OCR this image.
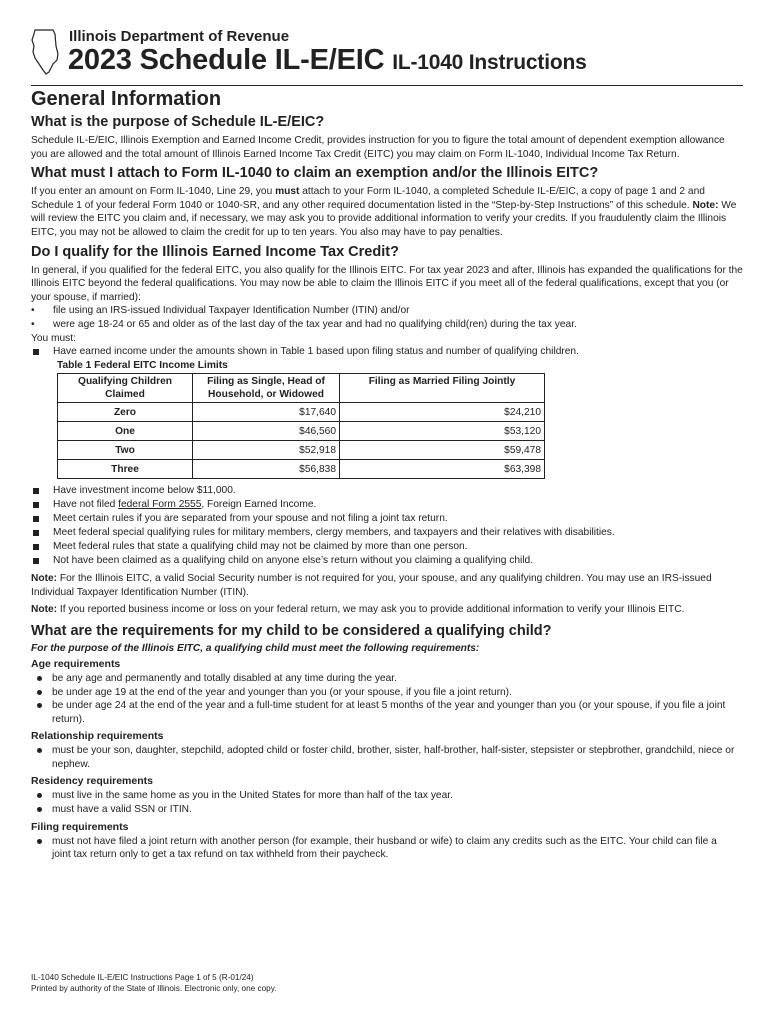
Illinois Department of Revenue
2023 Schedule IL-E/EIC IL-1040 Instructions
General Information
What is the purpose of Schedule IL-E/EIC?

Schedule IL-E/EIC, Illinois Exemption and Earned Income Credit, provides instruction for you to figure the total amount of dependent exemption allowance you are allowed and the total amount of Illinois Earned Income Tax Credit (EITC) you may claim on Form IL-1040, Individual Income Tax Return.

What must I attach to Form IL-1040 to claim an exemption and/or the Illinois EITC?

If you enter an amount on Form IL-1040, Line 29, you must attach to your Form IL-1040, a completed Schedule IL-E/EIC, a copy of page 1 and 2 and Schedule 1 of your federal Form 1040 or 1040-SR, and any other required documentation listed in the “Step-by-Step Instructions” of this schedule. Note: We will review the EITC you claim and, if necessary, we may ask you to provide additional information to verify your credits. If you fraudulently claim the Illinois EITC, you may not be allowed to claim the credit for up to ten years. You also may have to pay penalties.

Do I qualify for the Illinois Earned Income Tax Credit?

In general, if you qualified for the federal EITC, you also qualify for the Illinois EITC. For tax year 2023 and after, Illinois has expanded the qualifications for the Illinois EITC beyond the federal qualifications. You may now be able to claim the Illinois EITC if you meet all of the federal qualifications, except that you (or your spouse, if married):

• file using an IRS-issued Individual Taxpayer Identification Number (ITIN) and/or
• were age 18-24 or 65 and older as of the last day of the tax year and had no qualifying child(ren) during the tax year.

You must:

Have earned income under the amounts shown in Table 1 based upon filing status and number of qualifying children.
Table 1 Federal EITC Income Limits
Qualifying Children Claimed	Filing as Single, Head of Household, or Widowed	Filing as Married Filing Jointly
Zero	$17,640	$24,210
One	$46,560	$53,120
Two	$52,918	$59,478
Three	$56,838	$63,398
Have investment income below $11,000.
Have not filed federal Form 2555, Foreign Earned Income.
Meet certain rules if you are separated from your spouse and not filing a joint tax return.
Meet federal special qualifying rules for military members, clergy members, and taxpayers and their relatives with disabilities.
Meet federal rules that state a qualifying child may not be claimed by more than one person.
Not have been claimed as a qualifying child on anyone else’s return without you claiming a qualifying child.

Note: For the Illinois EITC, a valid Social Security number is not required for you, your spouse, and any qualifying children. You may use an IRS-issued Individual Taxpayer Identification Number (ITIN).

Note: If you reported business income or loss on your federal return, we may ask you to provide additional information to verify your Illinois EITC.

What are the requirements for my child to be considered a qualifying child?
For the purpose of the Illinois EITC, a qualifying child must meet the following requirements:
Age requirements
be any age and permanently and totally disabled at any time during the year.
be under age 19 at the end of the year and younger than you (or your spouse, if you file a joint return).
be under age 24 at the end of the year and a full-time student for at least 5 months of the year and younger than you (or your spouse, if you file a joint return).
Relationship requirements
must be your son, daughter, stepchild, adopted child or foster child, brother, sister, half-brother, half-sister, stepsister or stepbrother, grandchild, niece or nephew.
Residency requirements
must live in the same home as you in the United States for more than half of the tax year.
must have a valid SSN or ITIN.
Filing requirements
must not have filed a joint return with another person (for example, their husband or wife) to claim any credits such as the EITC. Your child can file a joint tax return only to get a tax refund on tax withheld from their paycheck.
IL-1040 Schedule IL-E/EIC Instructions Page 1 of 5 (R-01/24)
Printed by authority of the State of Illinois. Electronic only, one copy.
